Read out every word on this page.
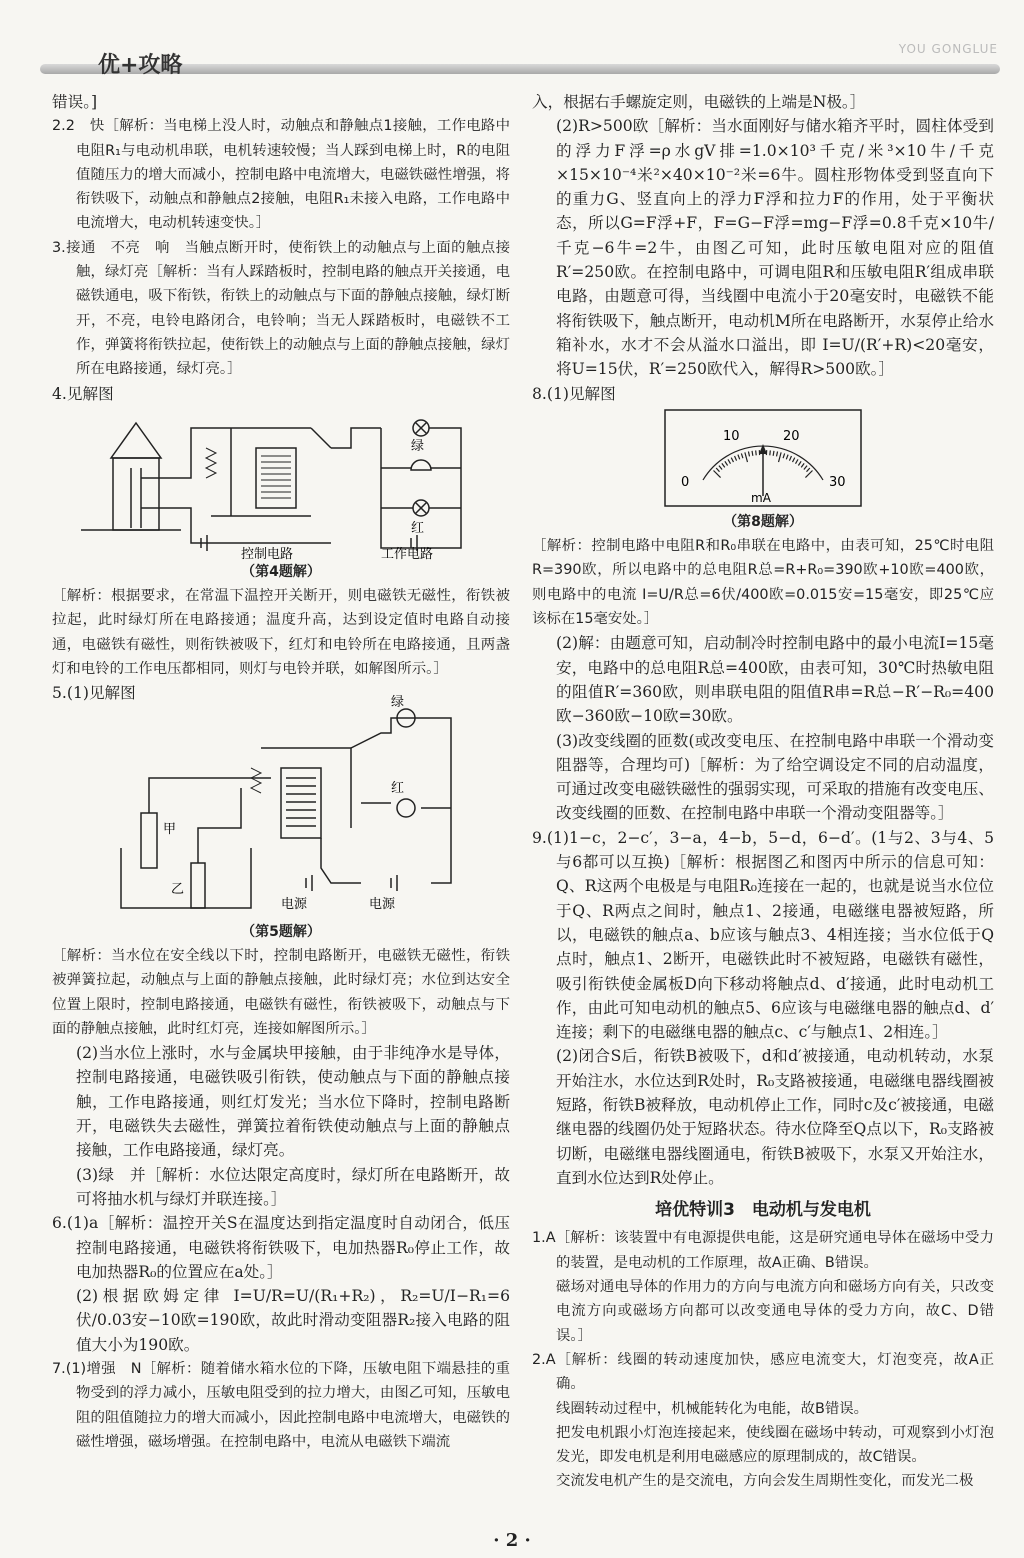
优+攻略
YOU GONGLUE

错误。]

2.2　快［解析：当电梯上没人时，动触点和静触点1接触，工作电路中电阻R₁与电动机串联，电机转速较慢；当人踩到电梯上时，R的电阻值随压力的增大而减小，控制电路中电流增大，电磁铁磁性增强，将衔铁吸下，动触点和静触点2接触，电阻R₁未接入电路，工作电路中电流增大，电动机转速变快。］

3.接通　不亮　响　当触点断开时，使衔铁上的动触点与上面的触点接触，绿灯亮［解析：当有人踩踏板时，控制电路的触点开关接通，电磁铁通电，吸下衔铁，衔铁上的动触点与下面的静触点接触，绿灯断开，不亮，电铃电路闭合，电铃响；当无人踩踏板时，电磁铁不工作，弹簧将衔铁拉起，使衔铁上的动触点与上面的静触点接触，绿灯所在电路接通，绿灯亮。］

4.见解图

绿
红
控制电路	工作电路
（第4题解）

［解析：根据要求，在常温下温控开关断开，则电磁铁无磁性，衔铁被拉起，此时绿灯所在电路接通；温度升高，达到设定值时电路自动接通，电磁铁有磁性，则衔铁被吸下，红灯和电铃所在电路接通，且两盏灯和电铃的工作电压都相同，则灯与电铃并联，如解图所示。］

5.(1)见解图	绿
红
甲
乙
电源	电源
（第5题解）

［解析：当水位在安全线以下时，控制电路断开，电磁铁无磁性，衔铁被弹簧拉起，动触点与上面的静触点接触，此时绿灯亮；水位到达安全位置上限时，控制电路接通，电磁铁有磁性，衔铁被吸下，动触点与下面的静触点接触，此时红灯亮，连接如解图所示。］

(2)当水位上涨时，水与金属块甲接触，由于非纯净水是导体，控制电路接通，电磁铁吸引衔铁，使动触点与下面的静触点接触，工作电路接通，则红灯发光；当水位下降时，控制电路断开，电磁铁失去磁性，弹簧拉着衔铁使动触点与上面的静触点接触，工作电路接通，绿灯亮。

(3)绿　并［解析：水位达限定高度时，绿灯所在电路断开，故可将抽水机与绿灯并联连接。］

6.(1)a［解析：温控开关S在温度达到指定温度时自动闭合，低压控制电路接通，电磁铁将衔铁吸下，电加热器R₀停止工作，故电加热器R₀的位置应在a处。］

(2)根据欧姆定律 I=U/R=U/(R₁+R₂)，R₂=U/I−R₁=6伏/0.03安−10欧=190欧，故此时滑动变阻器R₂接入电路的阻值大小为190欧。

7.(1)增强　N［解析：随着储水箱水位的下降，压敏电阻下端悬挂的重物受到的浮力减小，压敏电阻受到的拉力增大，由图乙可知，压敏电阻的阻值随拉力的增大而减小，因此控制电路中电流增大，电磁铁的磁性增强，磁场增强。在控制电路中，电流从电磁铁下端流

入，根据右手螺旋定则，电磁铁的上端是N极。］

(2)R>500欧［解析：当水面刚好与储水箱齐平时，圆柱体受到的浮力F浮=ρ水gV排=1.0×10³千克/米³×10牛/千克×15×10⁻⁴米²×40×10⁻²米=6牛。圆柱形物体受到竖直向下的重力G、竖直向上的浮力F浮和拉力F的作用，处于平衡状态，所以G=F浮+F，F=G−F浮=mg−F浮=0.8千克×10牛/千克−6牛=2牛，由图乙可知，此时压敏电阻对应的阻值R′=250欧。在控制电路中，可调电阻R和压敏电阻R′组成串联电路，由题意可得，当线圈中电流小于20毫安时，电磁铁不能将衔铁吸下，触点断开，电动机M所在电路断开，水泵停止给水箱补水，水才不会从溢水口溢出，即 I=U/(R′+R)<20毫安，将U=15伏，R′=250欧代入，解得R>500欧。］

8.(1)见解图

0
10	20
30
mA
（第8题解）

［解析：控制电路中电阻R和R₀串联在电路中，由表可知，25℃时电阻R=390欧，所以电路中的总电阻R总=R+R₀=390欧+10欧=400欧，则电路中的电流 I=U/R总=6伏/400欧=0.015安=15毫安，即25℃应该标在15毫安处。］

(2)解：由题意可知，启动制冷时控制电路中的最小电流I=15毫安，电路中的总电阻R总=400欧，由表可知，30℃时热敏电阻的阻值R′=360欧，则串联电阻的阻值R串=R总−R′−R₀=400欧−360欧−10欧=30欧。

(3)改变线圈的匝数(或改变电压、在控制电路中串联一个滑动变阻器等，合理均可)［解析：为了给空调设定不同的启动温度，可通过改变电磁铁磁性的强弱实现，可采取的措施有改变电压、改变线圈的匝数、在控制电路中串联一个滑动变阻器等。］

9.(1)1−c，2−c′，3−a，4−b，5−d，6−d′。(1与2、3与4、5与6都可以互换)［解析：根据图乙和图丙中所示的信息可知：Q、R这两个电极是与电阻R₀连接在一起的，也就是说当水位位于Q、R两点之间时，触点1、2接通，电磁继电器被短路，所以，电磁铁的触点a、b应该与触点3、4相连接；当水位低于Q点时，触点1、2断开，电磁铁此时不被短路，电磁铁有磁性，吸引衔铁使金属板D向下移动将触点d、d′接通，此时电动机工作，由此可知电动机的触点5、6应该与电磁继电器的触点d、d′连接；剩下的电磁继电器的触点c、c′与触点1、2相连。］

(2)闭合S后，衔铁B被吸下，d和d′被接通，电动机转动，水泵开始注水，水位达到R处时，R₀支路被接通，电磁继电器线圈被短路，衔铁B被释放，电动机停止工作，同时c及c′被接通，电磁继电器的线圈仍处于短路状态。待水位降至Q点以下，R₀支路被切断，电磁继电器线圈通电，衔铁B被吸下，水泵又开始注水，直到水位达到R处停止。

培优特训3　电动机与发电机

1.A［解析：该装置中有电源提供电能，这是研究通电导体在磁场中受力的装置，是电动机的工作原理，故A正确、B错误。

磁场对通电导体的作用力的方向与电流方向和磁场方向有关，只改变电流方向或磁场方向都可以改变通电导体的受力方向，故C、D错误。］

2.A［解析：线圈的转动速度加快，感应电流变大，灯泡变亮，故A正确。

线圈转动过程中，机械能转化为电能，故B错误。

把发电机跟小灯泡连接起来，使线圈在磁场中转动，可观察到小灯泡发光，即发电机是利用电磁感应的原理制成的，故C错误。

交流发电机产生的是交流电，方向会发生周期性变化，而发光二极

· 2 ·
